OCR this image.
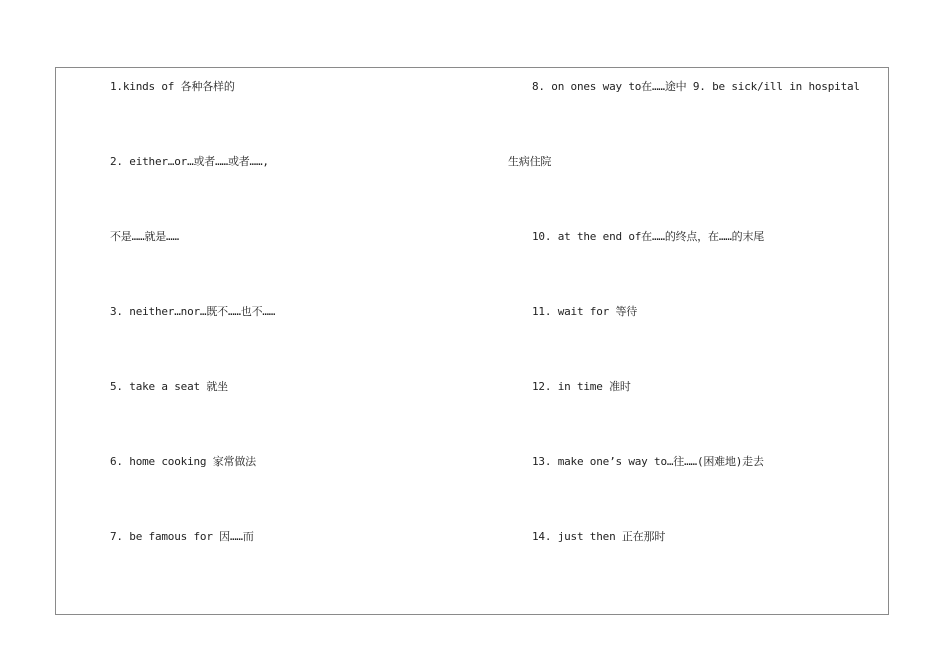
1.kinds of 各种各样的
2. either…or…或者……或者……,
不是……就是……
3. neither…nor…既不……也不……
5. take a seat 就坐
6. home cooking 家常做法
7. be famous for 因……而
8. on ones way to在……途中 9. be sick/ill in hospital
生病住院
10. at the end of在……的终点，在……的末尾
11. wait for 等待
12. in time 准时
13. make one’s way to…往……(困难地)走去
14. just then 正在那时
